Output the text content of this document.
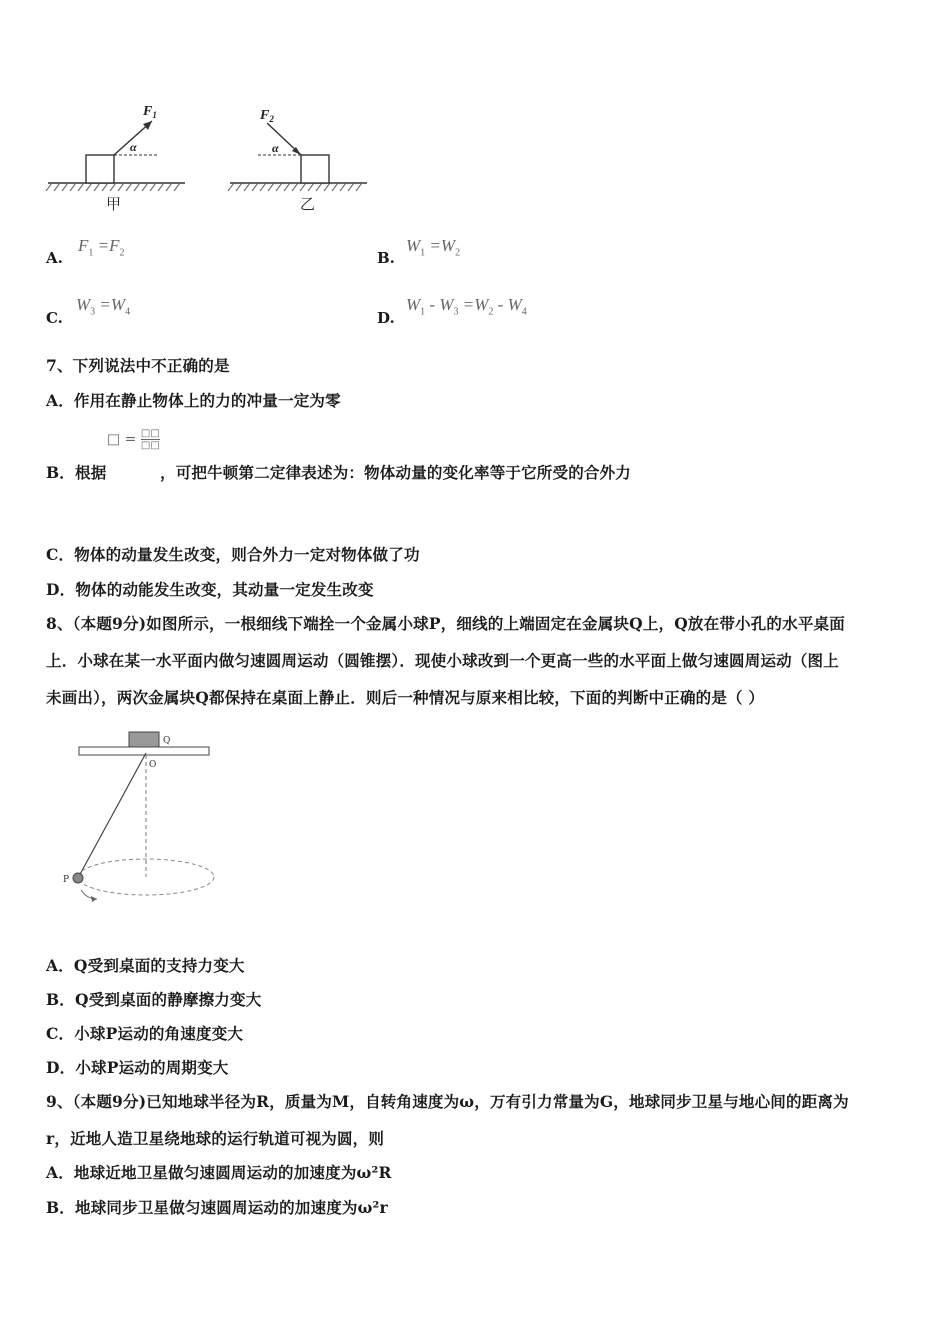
$F_1$
α
甲
$F_2$
α
乙
A.
$F_1 =F_2$	B.
$W_1 =W_2$
C.
$W_3 =W_4$	D.
$W_1 - W_3 =W_2 - W_4$
7、下列说法中不正确的是
A．作用在静止物体上的力的冲量一定为零
□ = □□
□□
B．根据	，可把牛顿第二定律表述为：物体动量的变化率等于它所受的合外力
C．物体的动量发生改变，则合外力一定对物体做了功
D．物体的动能发生改变，其动量一定发生改变
8、（本题9分)如图所示，一根细线下端拴一个金属小球P，细线的上端固定在金属块Q上，Q放在带小孔的水平桌面
上．小球在某一水平面内做匀速圆周运动（圆锥摆）．现使小球改到一个更高一些的水平面上做匀速圆周运动（图上
未画出），两次金属块Q都保持在桌面上静止．则后一种情况与原来相比较，下面的判断中正确的是（ ）
Q
O
P
A．Q受到桌面的支持力变大
B．Q受到桌面的静摩擦力变大
C．小球P运动的角速度变大
D．小球P运动的周期变大
9、（本题9分)已知地球半径为R，质量为M，自转角速度为ω，万有引力常量为G，地球同步卫星与地心间的距离为
r，近地人造卫星绕地球的运行轨道可视为圆，则
A．地球近地卫星做匀速圆周运动的加速度为ω²R
B．地球同步卫星做匀速圆周运动的加速度为ω²r
